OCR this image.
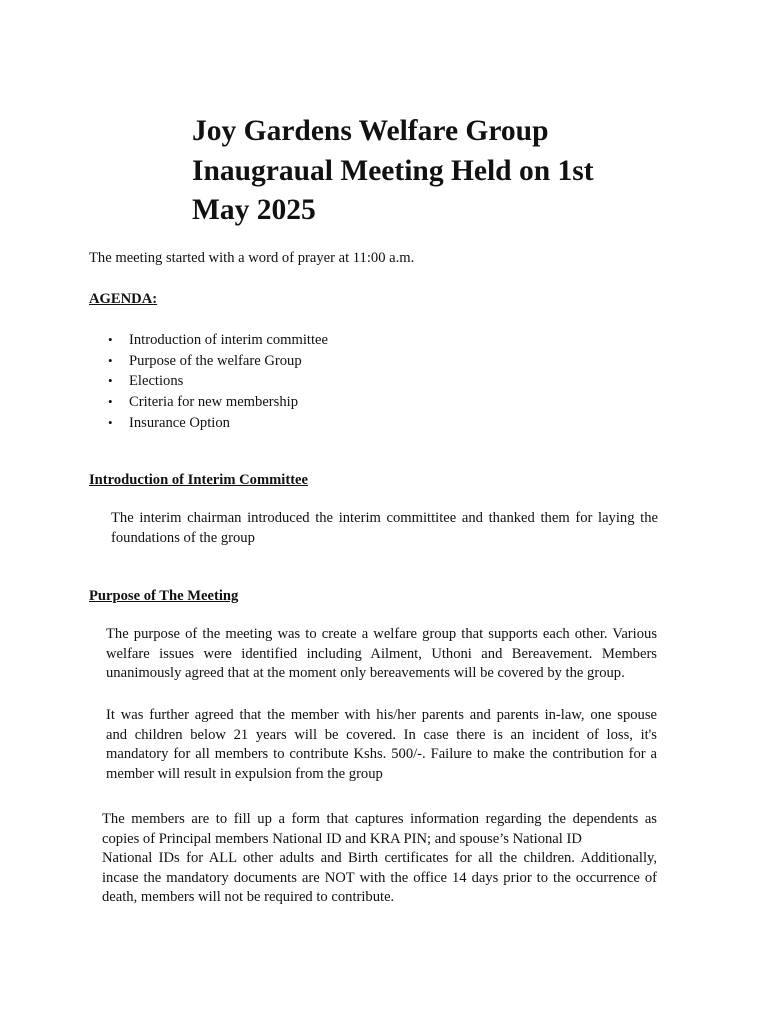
Joy Gardens Welfare Group
Inaugraual Meeting Held on 1st
May 2025

The meeting started with a word of prayer at 11:00 a.m.

AGENDA:

• Introduction of interim committee
• Purpose of the welfare Group
• Elections
• Criteria for new membership
• Insurance Option

Introduction of Interim Committee

The interim chairman introduced the interim committitee and thanked them for laying the
foundations of the group

Purpose of The Meeting

The purpose of the meeting was to create a welfare group that supports each other. Various
welfare issues were identified including Ailment, Uthoni and Bereavement. Members
unanimously agreed that at the moment only bereavements will be covered by the group.
It was further agreed that the member with his/her parents and parents in-law, one spouse
and children below 21 years will be covered. In case there is an incident of loss, it's
mandatory for all members to contribute Kshs. 500/-. Failure to make the contribution for a
member will result in expulsion from the group
The members are to fill up a form that captures information regarding the dependents as
copies of Principal members National ID and KRA PIN; and spouse’s National ID
National IDs for ALL other adults and Birth certificates for all the children. Additionally,
incase the mandatory documents are NOT with the office 14 days prior to the occurrence of
death, members will not be required to contribute.
